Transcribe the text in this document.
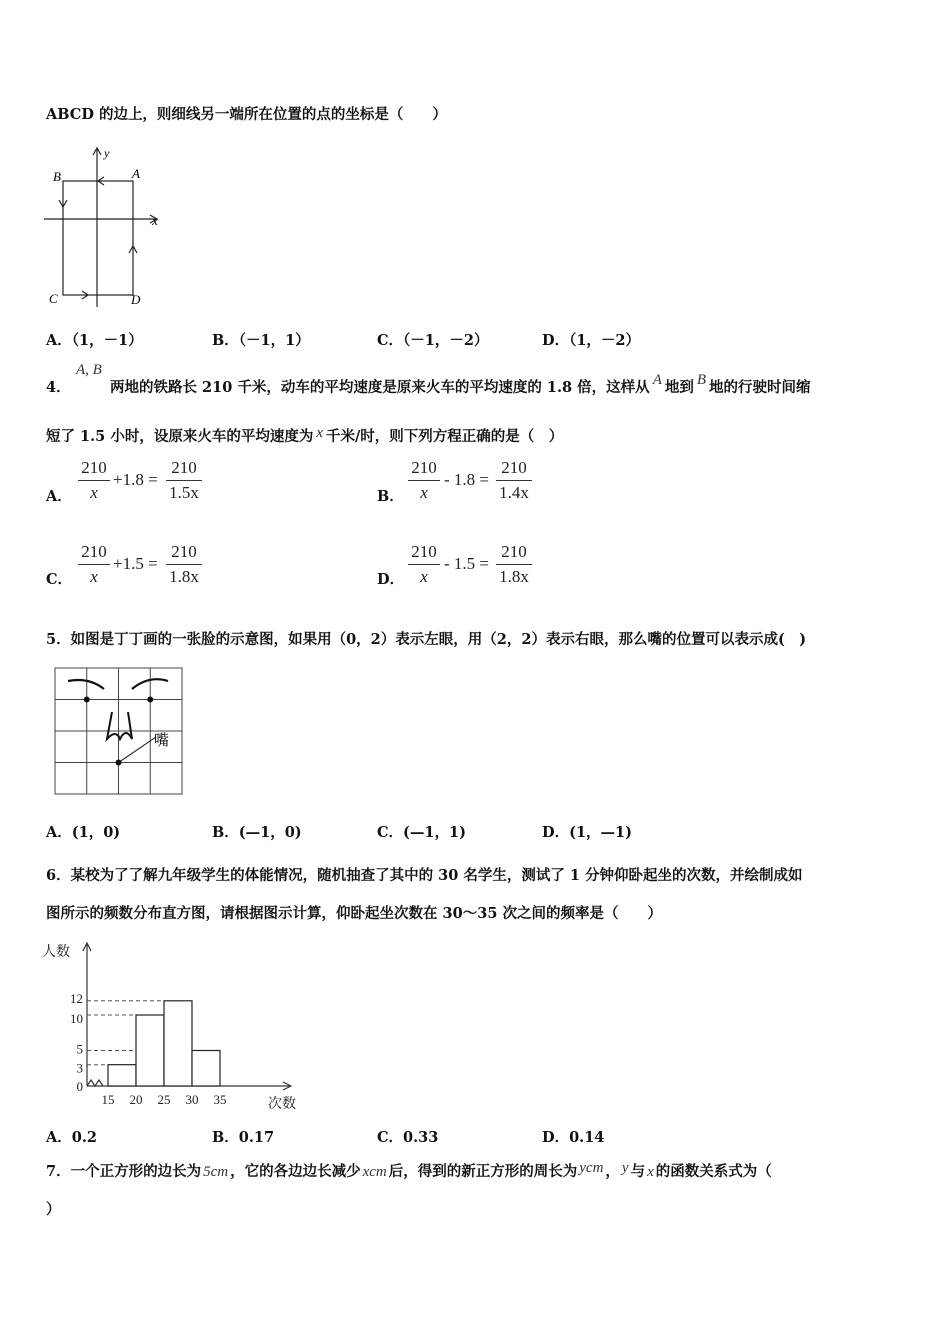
ABCD 的边上，则细线另一端所在位置的点的坐标是（　　）
B	A
C	D
x
y
A．（1，－1）	B．（－1，1）	C．（－1，－2）	D．（1，－2）
4．
A, B
两地的铁路长 210 千米，动车的平均速度是原来火车的平均速度的 1.8 倍，这样从 A 地到 B 地的行驶时间缩
短了 1.5 小时，设原来火车的平均速度为 x 千米/时，则下列方程正确的是（　）
A．
210
x
+1.8 =
210
1.5x	B．
210
x
- 1.8 =
210
1.4x
C．
210
x
+1.5 =
210
1.8x	D．
210
x
- 1.5 =
210
1.8x
5．如图是丁丁画的一张脸的示意图，如果用（0，2）表示左眼，用（2，2）表示右眼，那么嘴的位置可以表示成(　)
嘴
A．(1，0)	B．(—1，0)	C．(—1，1)	D．(1，—1)
6．某校为了了解九年级学生的体能情况，随机抽查了其中的 30 名学生，测试了 1 分钟仰卧起坐的次数，并绘制成如
图所示的频数分布直方图，请根据图示计算，仰卧起坐次数在 30～35 次之间的频率是（　　）
0
3
5
10
12
15 20 25 30 35
人数
次数
A．0.2	B．0.17	C．0.33	D．0.14
7．一个正方形的边长为 5cm ，它的各边边长减少 xcm 后，得到的新正方形的周长为 ycm ， y 与 x 的函数关系式为（
）
